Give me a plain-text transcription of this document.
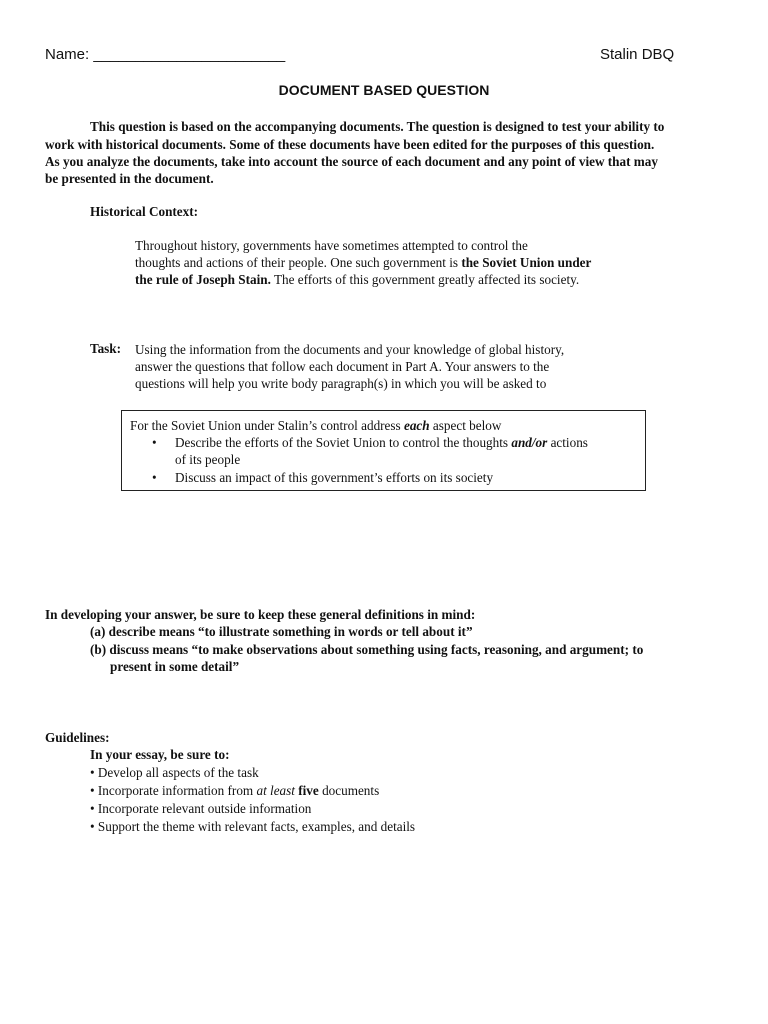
Name: _______________________	Stalin DBQ
DOCUMENT BASED QUESTION
This question is based on the accompanying documents. The question is designed to test your ability to
work with historical documents. Some of these documents have been edited for the purposes of this question.
As you analyze the documents, take into account the source of each document and any point of view that may
be presented in the document.
Historical Context:
Throughout history, governments have sometimes attempted to control the
thoughts and actions of their people. One such government is the Soviet Union under
the rule of Joseph Stain. The efforts of this government greatly affected its society.
Task: Using the information from the documents and your knowledge of global history,
answer the questions that follow each document in Part A. Your answers to the
questions will help you write body paragraph(s) in which you will be asked to
For the Soviet Union under Stalin’s control address each aspect below
• Describe the efforts of the Soviet Union to control the thoughts and/or actions
of its people
• Discuss an impact of this government’s efforts on its society
In developing your answer, be sure to keep these general definitions in mind:
(a) describe means “to illustrate something in words or tell about it”
(b) discuss means “to make observations about something using facts, reasoning, and argument; to
present in some detail”
Guidelines:
In your essay, be sure to:
• Develop all aspects of the task
• Incorporate information from at least five documents
• Incorporate relevant outside information
• Support the theme with relevant facts, examples, and details
